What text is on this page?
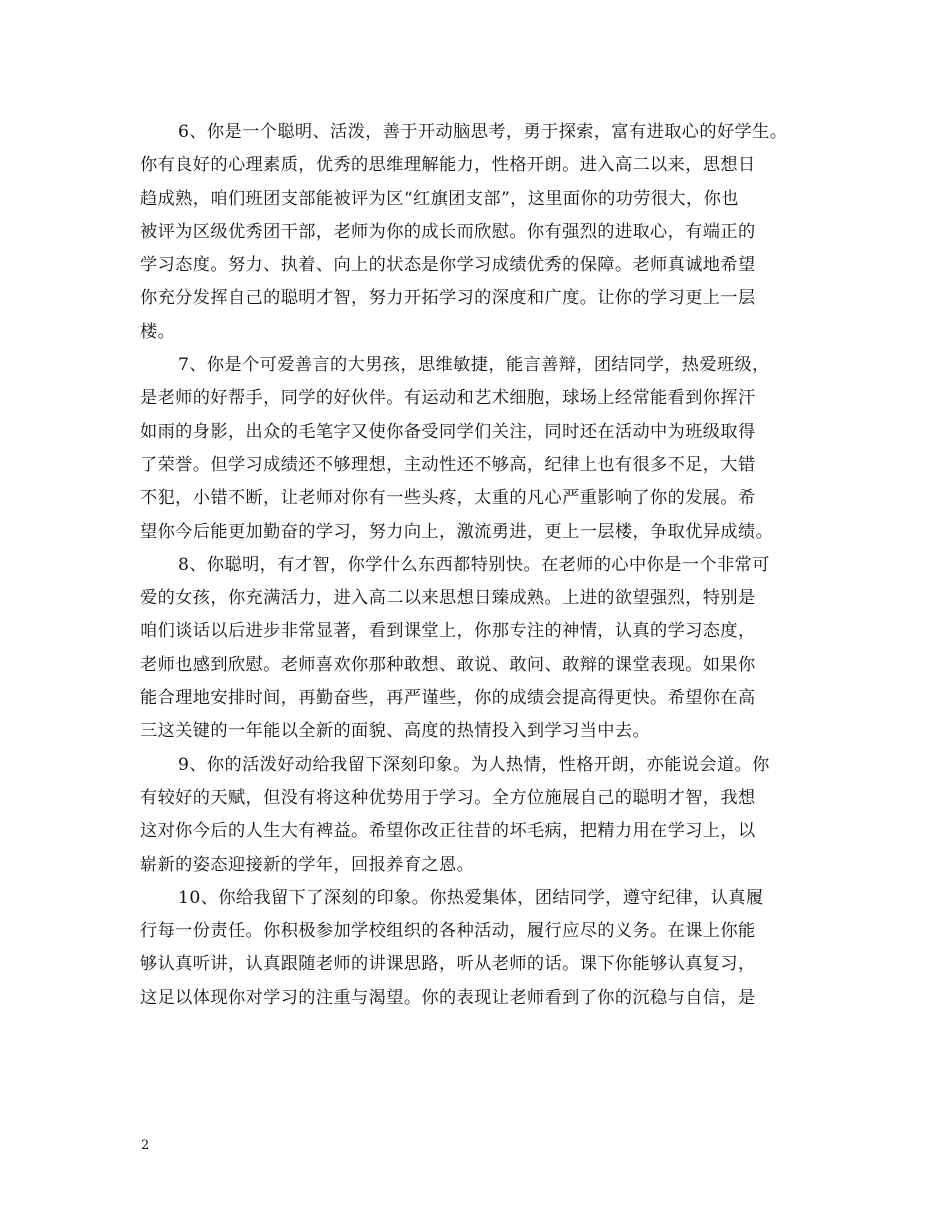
6、你是一个聪明、活泼，善于开动脑思考，勇于探索，富有进取心的好学生。
你有良好的心理素质，优秀的思维理解能力，性格开朗。进入高二以来，思想日
趋成熟，咱们班团支部能被评为区“红旗团支部”，这里面你的功劳很大，你也
被评为区级优秀团干部，老师为你的成长而欣慰。你有强烈的进取心，有端正的
学习态度。努力、执着、向上的状态是你学习成绩优秀的保障。老师真诚地希望
你充分发挥自己的聪明才智，努力开拓学习的深度和广度。让你的学习更上一层
楼。
7、你是个可爱善言的大男孩，思维敏捷，能言善辩，团结同学，热爱班级，
是老师的好帮手，同学的好伙伴。有运动和艺术细胞，球场上经常能看到你挥汗
如雨的身影，出众的毛笔字又使你备受同学们关注，同时还在活动中为班级取得
了荣誉。但学习成绩还不够理想，主动性还不够高，纪律上也有很多不足，大错
不犯，小错不断，让老师对你有一些头疼，太重的凡心严重影响了你的发展。希
望你今后能更加勤奋的学习，努力向上，激流勇进，更上一层楼，争取优异成绩。
8、你聪明，有才智，你学什么东西都特别快。在老师的心中你是一个非常可
爱的女孩，你充满活力，进入高二以来思想日臻成熟。上进的欲望强烈，特别是
咱们谈话以后进步非常显著，看到课堂上，你那专注的神情，认真的学习态度，
老师也感到欣慰。老师喜欢你那种敢想、敢说、敢问、敢辩的课堂表现。如果你
能合理地安排时间，再勤奋些，再严谨些，你的成绩会提高得更快。希望你在高
三这关键的一年能以全新的面貌、高度的热情投入到学习当中去。
9、你的活泼好动给我留下深刻印象。为人热情，性格开朗，亦能说会道。你
有较好的天赋，但没有将这种优势用于学习。全方位施展自己的聪明才智，我想
这对你今后的人生大有裨益。希望你改正往昔的坏毛病，把精力用在学习上，以
崭新的姿态迎接新的学年，回报养育之恩。
10、你给我留下了深刻的印象。你热爱集体，团结同学，遵守纪律，认真履
行每一份责任。你积极参加学校组织的各种活动，履行应尽的义务。在课上你能
够认真听讲，认真跟随老师的讲课思路，听从老师的话。课下你能够认真复习，
这足以体现你对学习的注重与渴望。你的表现让老师看到了你的沉稳与自信，是
2
